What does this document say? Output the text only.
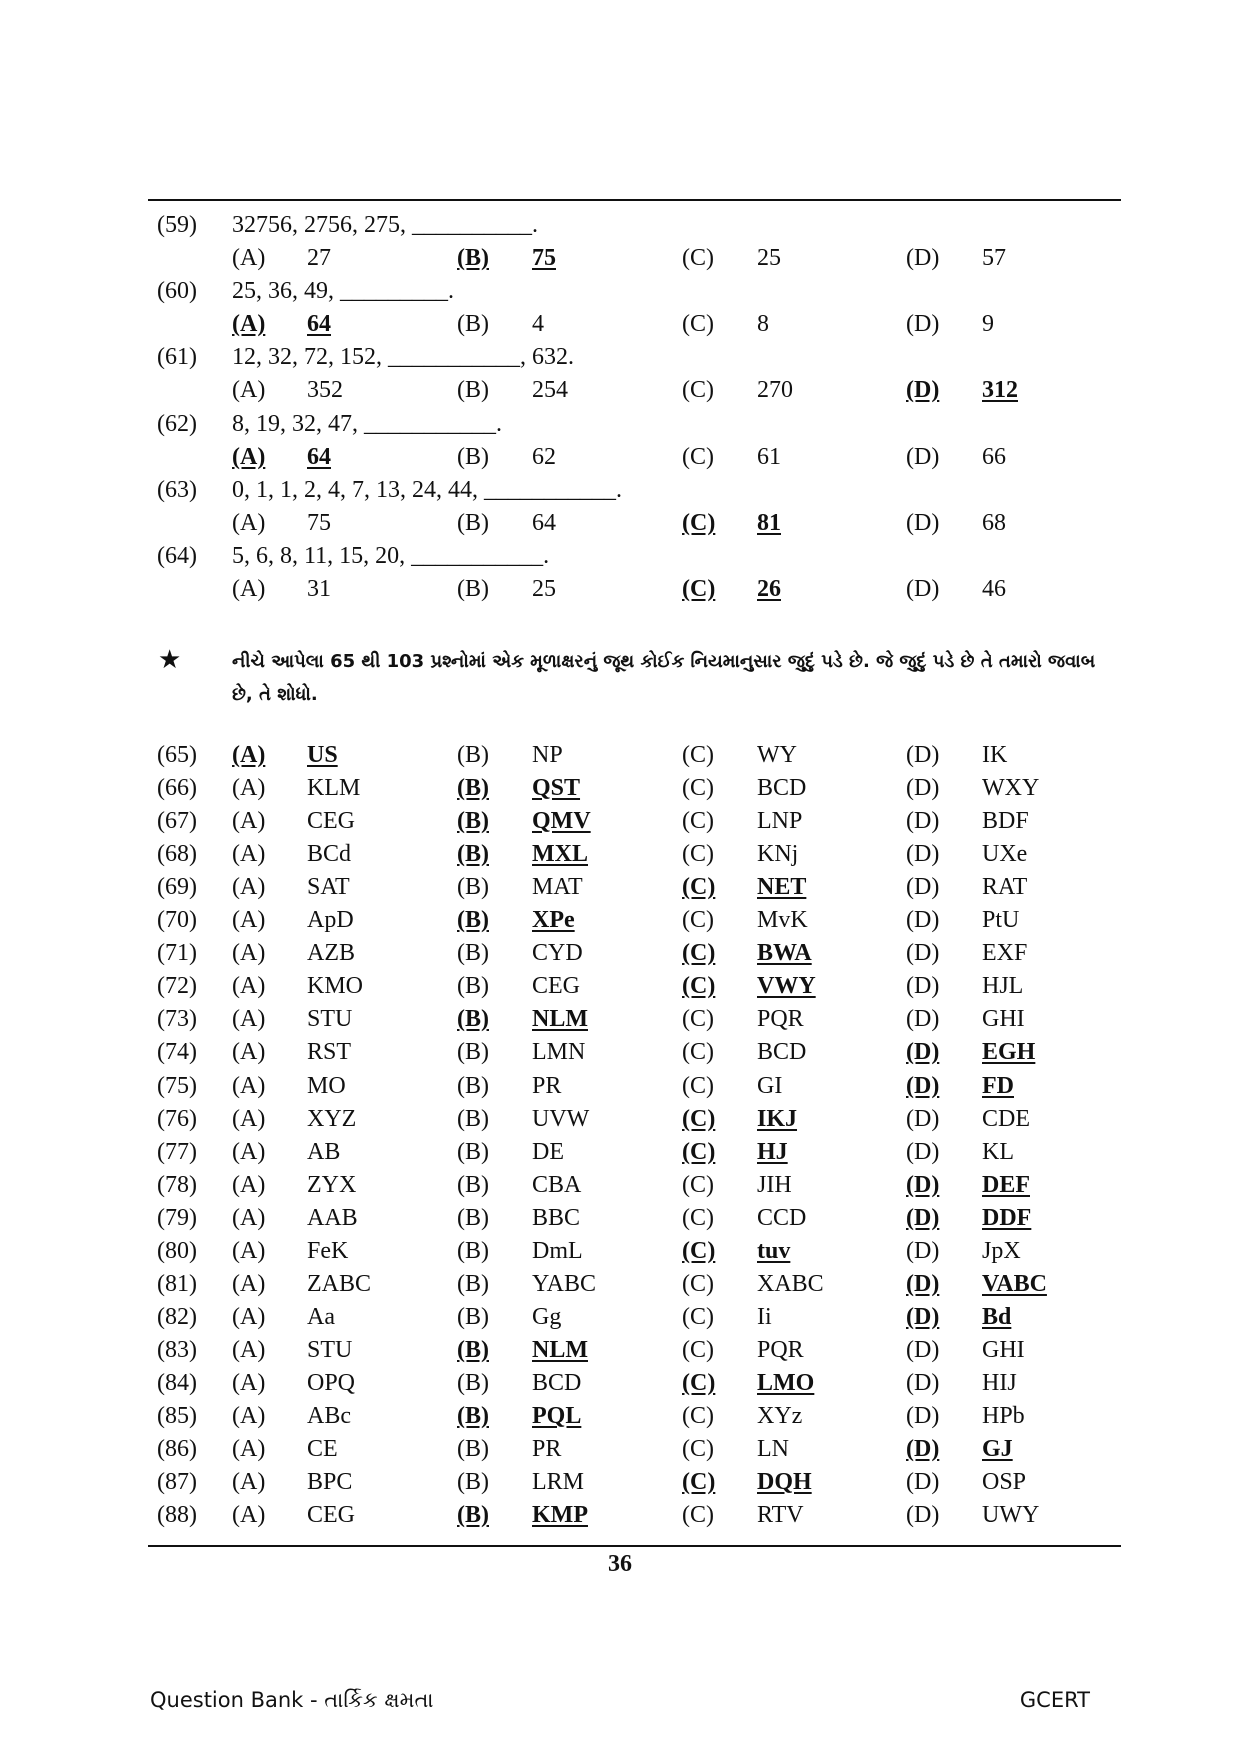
(59) 32756, 2756, 275, __________.
(A) 27	(B) 75	(C) 25	(D) 57
(60) 25, 36, 49, _________.
(A) 64	(B) 4	(C) 8	(D) 9
(61) 12, 32, 72, 152, ___________, 632.
(A) 352	(B) 254	(C) 270	(D) 312
(62) 8, 19, 32, 47, ___________.
(A) 64	(B) 62	(C) 61	(D) 66
(63) 0, 1, 1, 2, 4, 7, 13, 24, 44, ___________.
(A) 75	(B) 64	(C) 81	(D) 68
(64) 5, 6, 8, 11, 15, 20, ___________.
(A) 31	(B) 25	(C) 26	(D) 46
★	નીચે આપેલા 65 થી 103 પ્રશ્નોમાં એક મૂળાક્ષરનું જૂથ કોઈક નિયમાનુસાર જુદું પડે છે. જે જુદું પડે છે તે તમારો જવાબ છે, તે શોધો.
(65) (A) US	(B) NP	(C) WY	(D) IK
(66) (A) KLM	(B) QST	(C) BCD	(D) WXY
(67) (A) CEG	(B) QMV	(C) LNP	(D) BDF
(68) (A) BCd	(B) MXL	(C) KNj	(D) UXe
(69) (A) SAT	(B) MAT	(C) NET	(D) RAT
(70) (A) ApD	(B) XPe	(C) MvK	(D) PtU
(71) (A) AZB	(B) CYD	(C) BWA	(D) EXF
(72) (A) KMO	(B) CEG	(C) VWY	(D) HJL
(73) (A) STU	(B) NLM	(C) PQR	(D) GHI
(74) (A) RST	(B) LMN	(C) BCD	(D) EGH
(75) (A) MO	(B) PR	(C) GI	(D) FD
(76) (A) XYZ	(B) UVW	(C) IKJ	(D) CDE
(77) (A) AB	(B) DE	(C) HJ	(D) KL
(78) (A) ZYX	(B) CBA	(C) JIH	(D) DEF
(79) (A) AAB	(B) BBC	(C) CCD	(D) DDF
(80) (A) FeK	(B) DmL	(C) tuv	(D) JpX
(81) (A) ZABC	(B) YABC	(C) XABC	(D) VABC
(82) (A) Aa	(B) Gg	(C) Ii	(D) Bd
(83) (A) STU	(B) NLM	(C) PQR	(D) GHI
(84) (A) OPQ	(B) BCD	(C) LMO	(D) HIJ
(85) (A) ABc	(B) PQL	(C) XYz	(D) HPb
(86) (A) CE	(B) PR	(C) LN	(D) GJ
(87) (A) BPC	(B) LRM	(C) DQH	(D) OSP
(88) (A) CEG	(B) KMP	(C) RTV	(D) UWY
36
Question Bank - તાર્કિક ક્ષમતા	GCERT
